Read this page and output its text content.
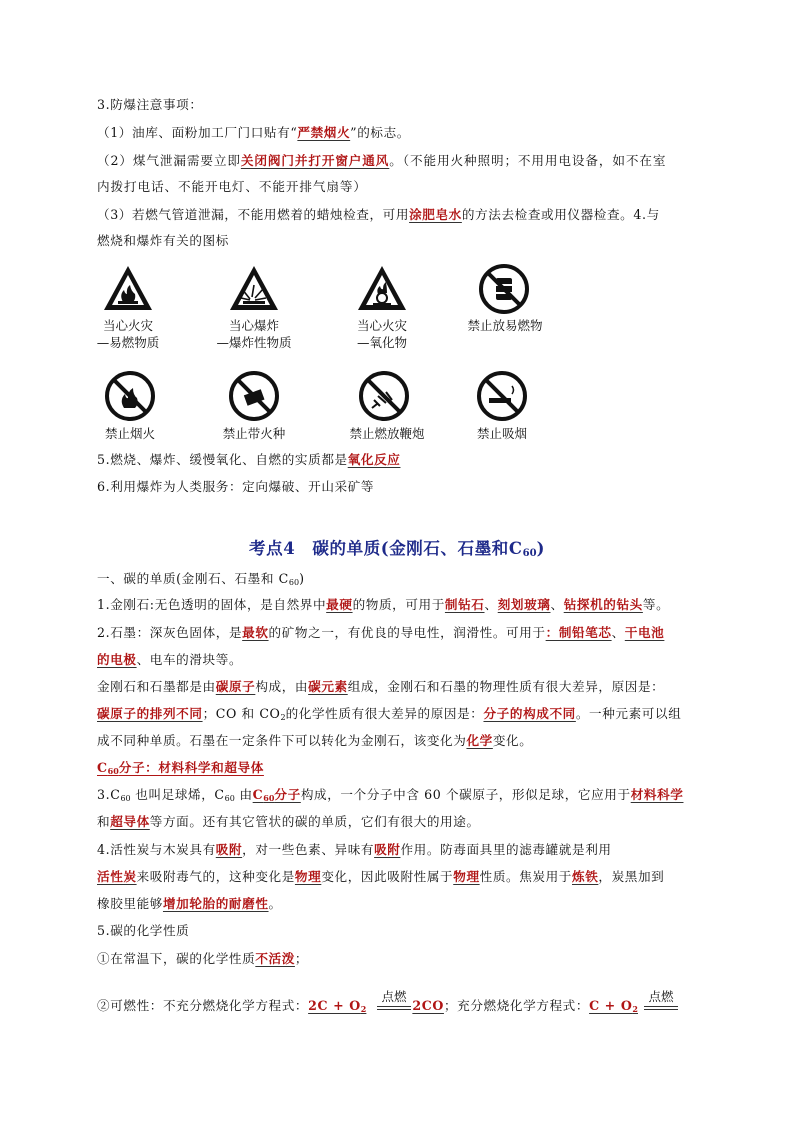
3.防爆注意事项：
（1）油库、面粉加工厂门口贴有“严禁烟火”的标志。
（2）煤气泄漏需要立即关闭阀门并打开窗户通风。（不能用火种照明；不用用电设备，如不在室
内拨打电话、不能开电灯、不能开排气扇等）
（3）若燃气管道泄漏，不能用燃着的蜡烛检查，可用涂肥皂水的方法去检查或用仪器检查。4.与
燃烧和爆炸有关的图标
当心火灾
—易燃物质
当心爆炸
—爆炸性物质
当心火灾
—氧化物
禁止放易燃物
禁止烟火	禁止带火种	禁止燃放鞭炮	禁止吸烟
5.燃烧、爆炸、缓慢氧化、自燃的实质都是氧化反应
6.利用爆炸为人类服务：定向爆破、开山采矿等
考点4　碳的单质(金刚石、石墨和$C_{60}$)
一、碳的单质(金刚石、石墨和 $C_{60}$)
1.金刚石:无色透明的固体，是自然界中最硬的物质，可用于制钻石、刻划玻璃、钻探机的钻头等。
2.石墨：深灰色固体，是最软的矿物之一，有优良的导电性，润滑性。可用于：制铅笔芯、干电池
的电极、电车的滑块等。
金刚石和石墨都是由碳原子构成，由碳元素组成，金刚石和石墨的物理性质有很大差异，原因是：
碳原子的排列不同；CO 和 $CO_2$的化学性质有很大差异的原因是：分子的构成不同。一种元素可以组
成不同种单质。石墨在一定条件下可以转化为金刚石，该变化为化学变化。
$C_{60}$分子：材料科学和超导体
$3.C_{60}$ 也叫足球烯，$C_{60}$ 由$C_{60}$分子构成，一个分子中含 60 个碳原子，形似足球，它应用于材料科学
和超导体等方面。还有其它管状的碳的单质，它们有很大的用途。
4.活性炭与木炭具有吸附，对一些色素、异味有吸附作用。防毒面具里的滤毒罐就是利用
活性炭来吸附毒气的，这种变化是物理变化，因此吸附性属于物理性质。焦炭用于炼铁，炭黑加到
橡胶里能够增加轮胎的耐磨性。
5.碳的化学性质
①在常温下，碳的化学性质不活泼；
②可燃性：不充分燃烧化学方程式：$2C + O_2$	2CO；充分燃烧化学方程式：$C + O_2$
点燃	点燃
